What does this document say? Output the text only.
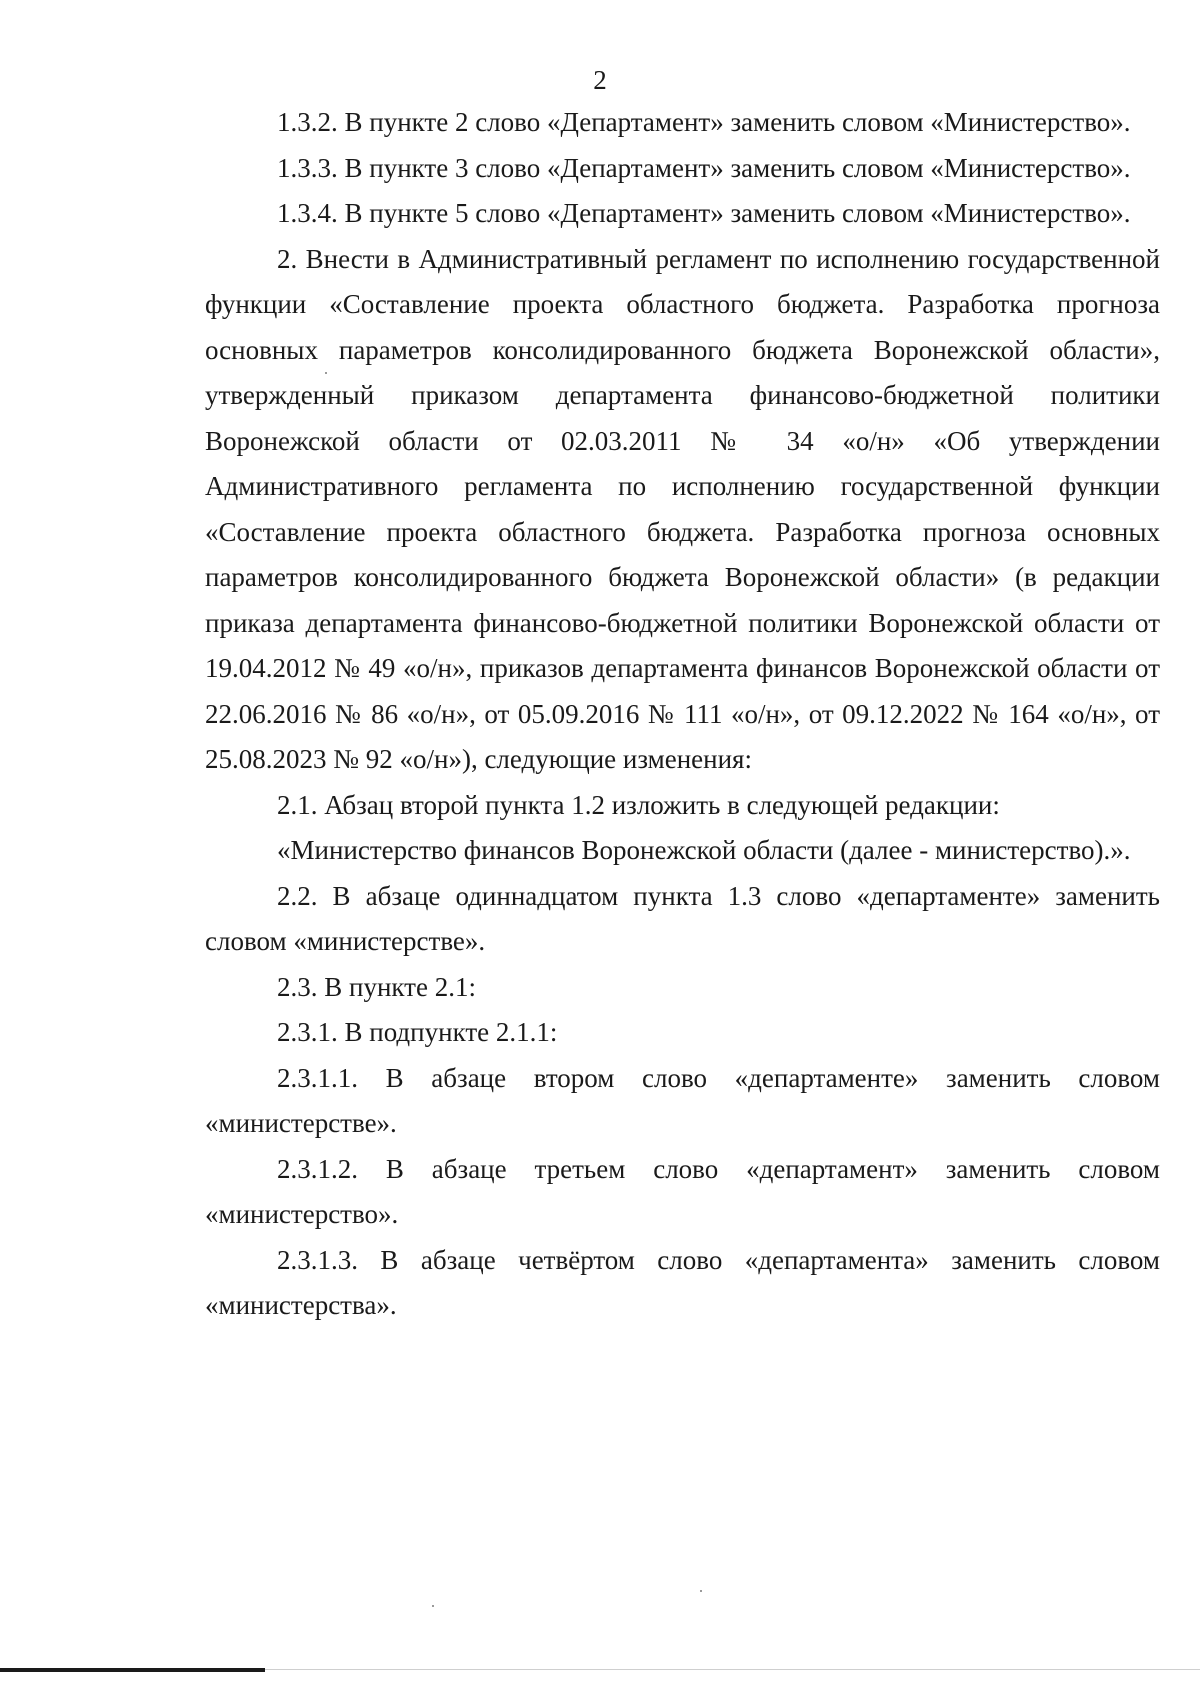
2

1.3.2. В пункте 2 слово «Департамент» заменить словом «Министерство».

1.3.3. В пункте 3 слово «Департамент» заменить словом «Министерство».

1.3.4. В пункте 5 слово «Департамент» заменить словом «Министерство».

2. Внести в Административный регламент по исполнению государственной функции «Составление проекта областного бюджета. Разработка прогноза основных параметров консолидированного бюджета Воронежской области», утвержденный приказом департамента финансово-бюджетной политики Воронежской области от 02.03.2011 № 34 «о/н» «Об утверждении Административного регламента по исполнению государственной функции «Составление проекта областного бюджета. Разработка прогноза основных параметров консолидированного бюджета Воронежской области» (в редакции приказа департамента финансово-бюджетной политики Воронежской области от 19.04.2012 № 49 «о/н», приказов департамента финансов Воронежской области от 22.06.2016 № 86 «о/н», от 05.09.2016 № 111 «о/н», от 09.12.2022 № 164 «о/н», от 25.08.2023 № 92 «о/н»), следующие изменения:

2.1. Абзац второй пункта 1.2 изложить в следующей редакции:

«Министерство финансов Воронежской области (далее - министерство).».

2.2. В абзаце одиннадцатом пункта 1.3 слово «департаменте» заменить словом «министерстве».

2.3. В пункте 2.1:

2.3.1. В подпункте 2.1.1:

2.3.1.1. В абзаце втором слово «департаменте» заменить словом «министерстве».

2.3.1.2. В абзаце третьем слово «департамент» заменить словом «министерство».

2.3.1.3. В абзаце четвёртом слово «департамента» заменить словом «министерства».
